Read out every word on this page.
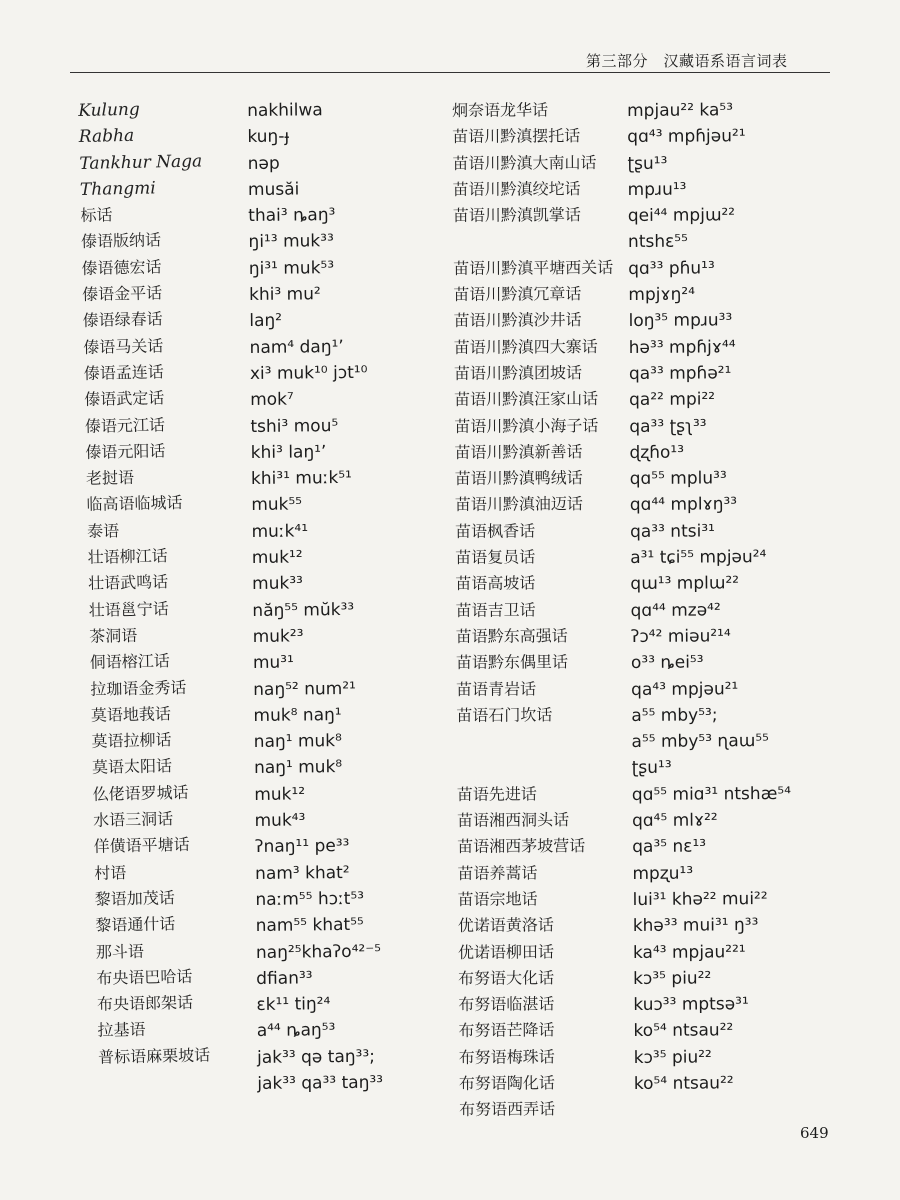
第三部分　汉藏语系语言词表
Kulung
Rabha
Tankhur Naga
Thangmi
标话
傣语版纳话
傣语德宏话
傣语金平话
傣语绿春话
傣语马关话
傣语孟连话
傣语武定话
傣语元江话
傣语元阳话
老挝语
临高语临城话
泰语
壮语柳江话
壮语武鸣话
壮语邕宁话
茶洞语
侗语榕江话
拉珈语金秀话
莫语地莪话
莫语拉柳话
莫语太阳话
仫佬语罗城话
水语三洞话
佯僙语平塘话
村语
黎语加茂话
黎语通什话
那斗语
布央语巴哈话
布央语郎架话
拉基语
普标语麻栗坡话
nakhilwa
kuŋ-ɟ
nəp
musăi
thai³ ȵaŋ³
ŋi¹³ muk³³
ŋi³¹ muk⁵³
khi³ mu²
laŋ²
nam⁴ daŋ¹ʼ
xi³ muk¹⁰ jɔt¹⁰
mok⁷
tshi³ mou⁵
khi³ laŋ¹ʼ
khi³¹ muːk⁵¹
muk⁵⁵
muːk⁴¹
muk¹²
muk³³
năŋ⁵⁵ mŭk³³
muk²³
mu³¹
naŋ⁵² num²¹
muk⁸ naŋ¹
naŋ¹ muk⁸
naŋ¹ muk⁸
muk¹²
muk⁴³
ʔnaŋ¹¹ pe³³
nam³ khat²
naːm⁵⁵ hɔːt⁵³
nam⁵⁵ khat⁵⁵
naŋ²⁵khaʔo⁴²⁻⁵
dfian³³
ɛk¹¹ tiŋ²⁴
a⁴⁴ ȵaŋ⁵³
jak³³ qə taŋ³³;
jak³³ qa³³ taŋ³³
炯奈语龙华话
苗语川黔滇摆托话
苗语川黔滇大南山话
苗语川黔滇绞坨话
苗语川黔滇凯掌话
苗语川黔滇平塘西关话
苗语川黔滇冗章话
苗语川黔滇沙井话
苗语川黔滇四大寨话
苗语川黔滇团坡话
苗语川黔滇汪家山话
苗语川黔滇小海子话
苗语川黔滇新善话
苗语川黔滇鸭绒话
苗语川黔滇油迈话
苗语枫香话
苗语复员话
苗语高坡话
苗语吉卫话
苗语黔东高强话
苗语黔东偶里话
苗语青岩话
苗语石门坎话
苗语先进话
苗语湘西洞头话
苗语湘西茅坡营话
苗语养蒿话
苗语宗地话
优诺语黄洛话
优诺语柳田话
布努语大化话
布努语临湛话
布努语芒降话
布努语梅珠话
布努语陶化话
布努语西弄话
mpjau²² ka⁵³
qɑ⁴³ mpɦjəu²¹
ʈʂu¹³
mpɹu¹³
qei⁴⁴ mpjɯ²²
ntshɛ⁵⁵
qɑ³³ pɦu¹³
mpjɤŋ²⁴
loŋ³⁵ mpɹu³³
hə³³ mpɦjɤ⁴⁴
qa³³ mpɦə²¹
qa²² mpi²²
qa³³ ʈʂʅ³³
ɖʐɦo¹³
qɑ⁵⁵ mplu³³
qɑ⁴⁴ mplɤŋ³³
qa³³ ntsi³¹
a³¹ tɕi⁵⁵ mpjəu²⁴
qɯ¹³ mplɯ²²
qɑ⁴⁴ mzə⁴²
ʔɔ⁴² miəu²¹⁴
o³³ ȵei⁵³
qa⁴³ mpjəu²¹
a⁵⁵ mby⁵³;
a⁵⁵ mby⁵³ ɳaɯ⁵⁵
ʈʂu¹³
qɑ⁵⁵ miɑ³¹ ntshæ⁵⁴
qɑ⁴⁵ mlɤ²²
qa³⁵ nɛ¹³
mpʐu¹³
lui³¹ khə²² mui²²
khə³³ mui³¹ ŋ³³
ka⁴³ mpjau²²¹
kɔ³⁵ piu²²
kuɔ³³ mptsə³¹
ko⁵⁴ ntsau²²
kɔ³⁵ piu²²
ko⁵⁴ ntsau²²
649
